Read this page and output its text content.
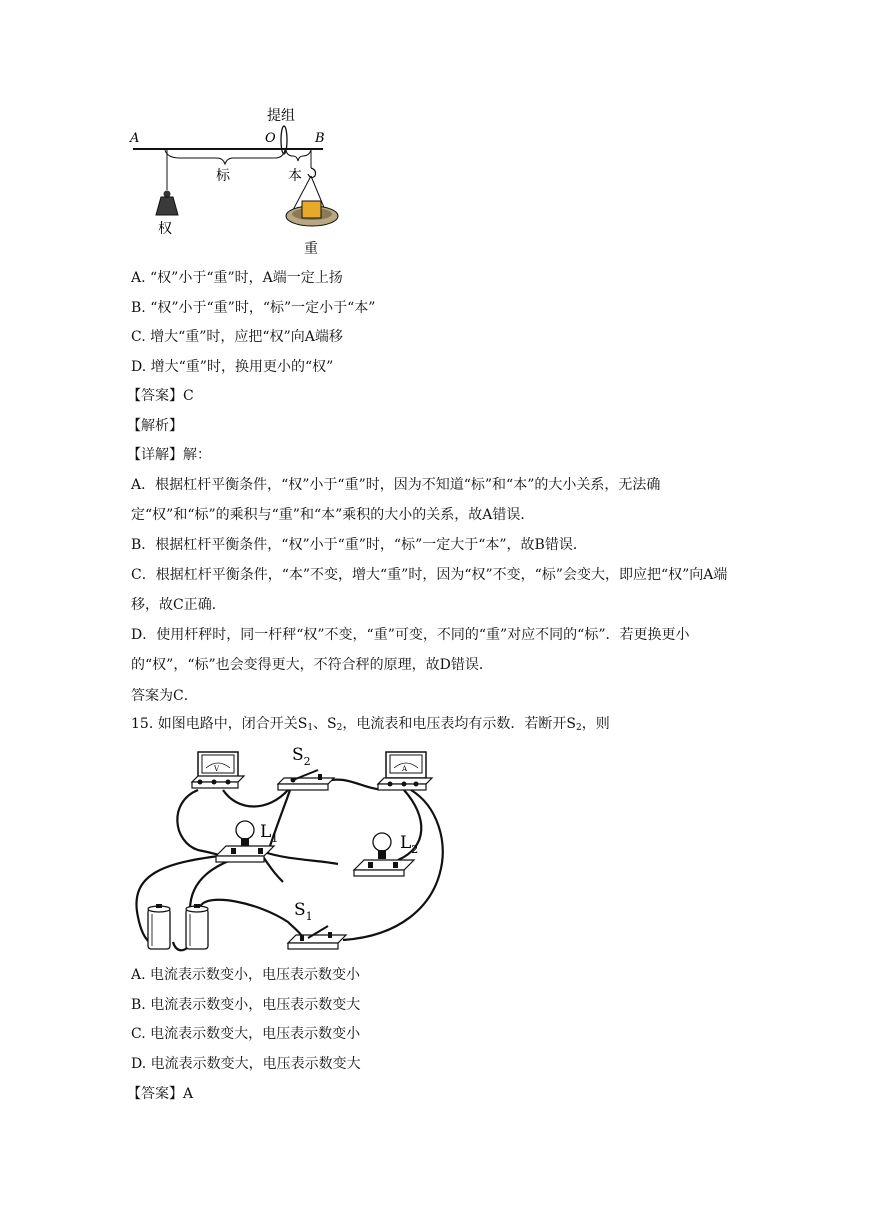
提组
A	O	B
标	本
权
重
A. “权”小于“重”时，A端一定上扬
B. “权”小于“重”时，“标”一定小于“本”
C. 增大“重”时，应把“权”向A端移
D. 增大“重”时，换用更小的“权”
【答案】C
【解析】
【详解】解：
A．根据杠杆平衡条件，“权”小于“重”时，因为不知道“标”和“本”的大小关系，无法确定“权”和“标”的乘积与“重”和“本”乘积的大小的关系，故A错误．
B．根据杠杆平衡条件，“权”小于“重”时，“标”一定大于“本”，故B错误．
C．根据杠杆平衡条件，“本”不变，增大“重”时，因为“权”不变，“标”会变大，即应把“权”向A端移，故C正确．
D．使用杆秤时，同一杆秤“权”不变，“重”可变，不同的“重”对应不同的“标”．若更换更小的“权”，“标”也会变得更大，不符合秤的原理，故D错误．
答案为C．
15. 如图电路中，闭合开关$S_1$、$S_2$，电流表和电压表均有示数．若断开$S_2$，则
V	A
$S_2$
$L_1$	$L_2$
$S_1$
A. 电流表示数变小，电压表示数变小
B. 电流表示数变小，电压表示数变大
C. 电流表示数变大，电压表示数变小
D. 电流表示数变大，电压表示数变大
【答案】A
